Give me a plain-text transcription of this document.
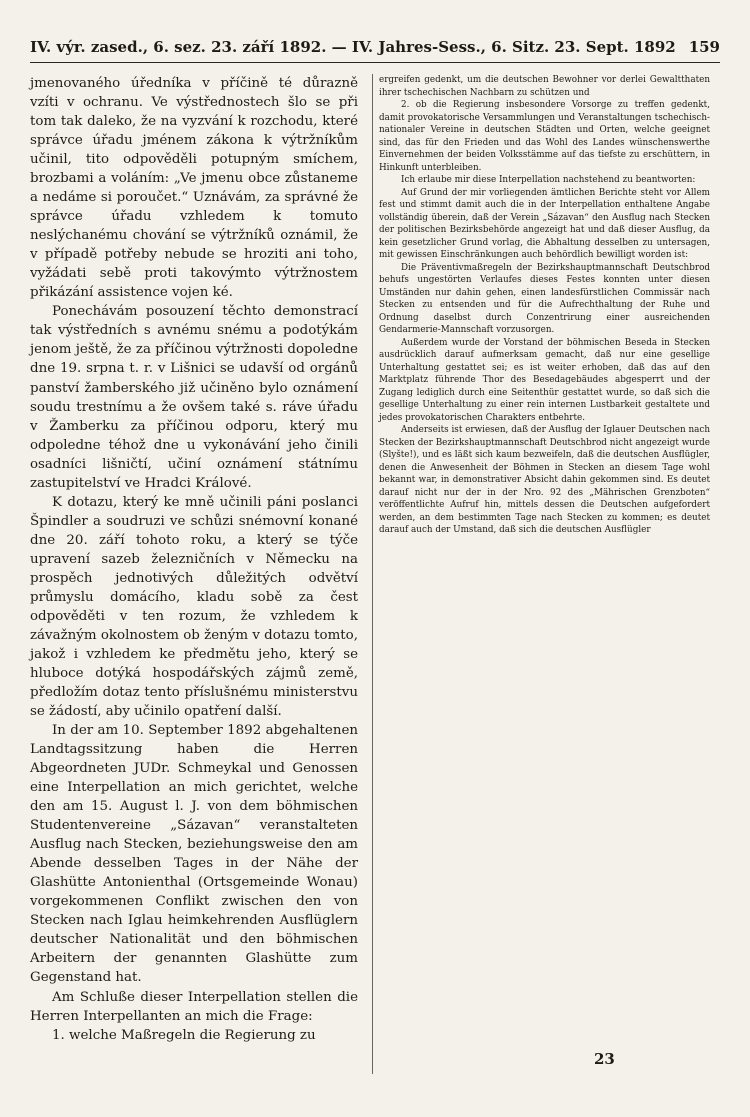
IV. výr. zased., 6. sez. 23. září 1892. — IV. Jahres-Sess., 6. Sitz. 23. Sept. 1892 159

jmenovaného úředníka v příčině té důrazně vzíti v ochranu. Ve výstřednostech šlo se při tom tak daleko, že na vyzvání k rozchodu, které správce úřadu jménem zákona k výtržníkům učinil, tito odpověděli potupným smíchem, brozbami a voláním: „Ve jmenu obce zůstaneme a nedáme si poroučet.“ Uznávám, za správné že správce úřadu vzhledem k tomuto neslýchanému chování se výtržníků oznámil, že v případě potřeby nebude se hroziti ani toho, vyžádati sebě proti takovýmto výtržnostem přikázání assistence vojen ké.

Ponechávám posouzení těchto demonstrací tak výstředních s avnému snému a podotýkám jenom ještě, že za příčinou výtržnosti dopoledne dne 19. srpna t. r. v Lišnici se udavší od orgánů panství žamberského již učiněno bylo oznámení soudu trestnímu a že ovšem také s. ráve úřadu v Žamberku za příčinou odporu, který mu odpoledne téhož dne u vykonávání jeho činili osadníci lišničtí, učiní oznámení státnímu zastupitelství ve Hradci Králové.

K dotazu, který ke mně učinili páni poslanci Špindler a soudruzi ve schůzi snémovní konané dne 20. září tohoto roku, a který se týče upravení sazeb železničních v Německu na prospěch jednotivých důležitých odvětví průmyslu domácího, kladu sobě za čest odpověděti v ten rozum, že vzhledem k závažným okolnostem ob ženým v dotazu tomto, jakož i vzhledem ke předmětu jeho, který se hluboce dotýká hospodářských zájmů země, předložím dotaz tento příslušnému ministerstvu se žádostí, aby učinilo opatření další.

In der am 10. September 1892 abgehaltenen Landtagssitzung haben die Herren Abgeordneten JUDr. Schmeykal und Genossen eine Interpellation an mich gerichtet, welche den am 15. August l. J. von dem böhmischen Studentenvereine „Sázavan“ veranstalteten Ausflug nach Stecken, beziehungsweise den am Abende desselben Tages in der Nähe der Glashütte Antonienthal (Ortsgemeinde Wonau) vorgekommenen Conflikt zwischen den von Stecken nach Iglau heimkehrenden Ausflüglern deutscher Nationalität und den böhmischen Arbeitern der genannten Glashütte zum Gegenstand hat.

Am Schluße dieser Interpellation stellen die Herren Interpellanten an mich die Frage:

1. welche Maßregeln die Regierung zu

ergreifen gedenkt, um die deutschen Bewohner vor derlei Gewaltthaten ihrer tschechischen Nachbarn zu schützen und

2. ob die Regierung insbesondere Vorsorge zu treffen gedenkt, damit provokatorische Versammlungen und Veranstaltungen tschechisch-nationaler Vereine in deutschen Städten und Orten, welche geeignet sind, das für den Frieden und das Wohl des Landes wünschenswerthe Einvernehmen der beiden Volksstämme auf das tiefste zu erschüttern, in Hinkunft unterbleiben.

Ich erlaube mir diese Interpellation nachstehend zu beantworten:

Auf Grund der mir vorliegenden ämtlichen Berichte steht vor Allem fest und stimmt damit auch die in der Interpellation enthaltene Angabe vollständig überein, daß der Verein „Sázavan“ den Ausflug nach Stecken der politischen Bezirksbehörde angezeigt hat und daß dieser Ausflug, da kein gesetzlicher Grund vorlag, die Abhaltung desselben zu untersagen, mit gewissen Einschränkungen auch behördlich bewilligt worden ist:

Die Präventivmaßregeln der Bezirkshauptmannschaft Deutschbrod behufs ungestörten Verlaufes dieses Festes konnten unter diesen Umständen nur dahin gehen, einen landesfürstlichen Commissär nach Stecken zu entsenden und für die Aufrechthaltung der Ruhe und Ordnung daselbst durch Conzentrirung einer ausreichenden Gendarmerie-Mannschaft vorzusorgen.

Außerdem wurde der Vorstand der böhmischen Beseda in Stecken ausdrücklich darauf aufmerksam gemacht, daß nur eine gesellige Unterhaltung gestattet sei; es ist weiter erhoben, daß das auf den Marktplatz führende Thor des Besedagebäudes abgesperrt und der Zugang lediglich durch eine Seitenthür gestattet wurde, so daß sich die gesellige Unterhaltung zu einer rein internen Lustbarkeit gestaltete und jedes provokatorischen Charakters entbehrte.

Anderseits ist erwiesen, daß der Ausflug der Iglauer Deutschen nach Stecken der Bezirkshauptmannschaft Deutschbrod nicht angezeigt wurde (Slyšte!), und es läßt sich kaum bezweifeln, daß die deutschen Ausflügler, denen die Anwesenheit der Böhmen in Stecken an diesem Tage wohl bekannt war, in demonstrativer Absicht dahin gekommen sind. Es deutet darauf nicht nur der in der Nro. 92 des „Mährischen Grenzboten“ veröffentlichte Aufruf hin, mittels dessen die Deutschen aufgefordert werden, an dem bestimmten Tage nach Stecken zu kommen; es deutet darauf auch der Umstand, daß sich die deutschen Ausflügler

23
